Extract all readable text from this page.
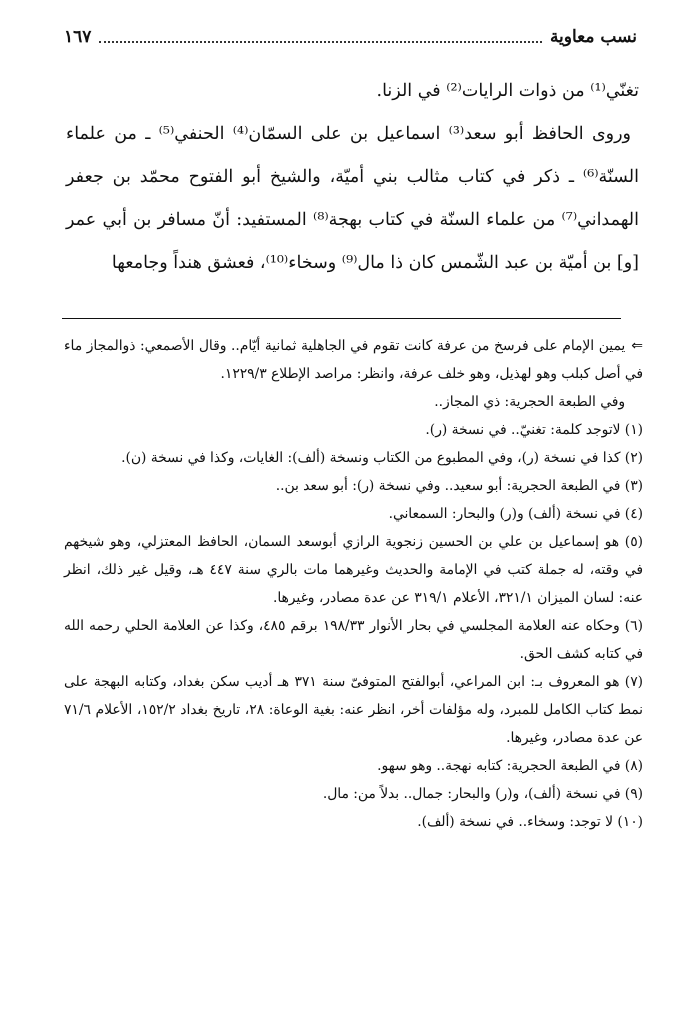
نسب معاوية
١٦٧

تغنّي⁽¹⁾ من ذوات الرايات⁽²⁾ في الزنا.

وروى الحافظ أبو سعد⁽³⁾ اسماعيل بن على السمّان⁽⁴⁾ الحنفي⁽⁵⁾ ـ من علماء السنّة⁽⁶⁾ ـ ذكر في كتاب مثالب بني أميّة، والشيخ أبو الفتوح محمّد بن جعفر الهمداني⁽⁷⁾ من علماء السنّة في كتاب بهجة⁽⁸⁾ المستفيد: أنّ مسافر بن أبي عمر [و] بن أميّة بن عبد الشّمس كان ذا مال⁽⁹⁾ وسخاء⁽¹⁰⁾، فعشق هنداً وجامعها

⇐يمين الإمام على فرسخ من عرفة كانت تقوم في الجاهلية ثمانية أيّام.. وقال الأصمعي: ذوالمجاز ماء في أصل كبلب وهو لهذيل، وهو خلف عرفة، وانظر: مراصد الإطلاع ١٢٢٩/٣.

وفي الطبعة الحجرية: ذي المجاز..

(١) لاتوجد كلمة: تغنيّ.. في نسخة (ر).

(٢) كذا في نسخة (ر)، وفي المطبوع من الكتاب ونسخة (ألف): الغايات، وكذا في نسخة (ن).

(٣) في الطبعة الحجرية: أبو سعيد.. وفي نسخة (ر): أبو سعد بن..

(٤) في نسخة (ألف) و(ر) والبحار: السمعاني.

(٥) هو إسماعيل بن علي بن الحسين زنجوية الرازي أبوسعد السمان، الحافظ المعتزلي، وهو شيخهم في وقته، له جملة كتب في الإمامة والحديث وغيرهما مات بالري سنة ٤٤٧ هـ، وقيل غير ذلك، انظر عنه: لسان الميزان ٣٢١/١، الأعلام ٣١٩/١ عن عدة مصادر، وغيرها.

(٦) وحكاه عنه العلامة المجلسي في بحار الأنوار ١٩٨/٣٣ برقم ٤٨٥، وكذا عن العلامة الحلي رحمه الله في كتابه كشف الحق.

(٧) هو المعروف بـ: ابن المراعي، أبوالفتح المتوفىّ سنة ٣٧١ هـ أديب سكن بغداد، وكتابه البهجة على نمط كتاب الكامل للمبرد، وله مؤلفات أخر، انظر عنه: بغية الوعاة: ٢٨، تاريخ بغداد ١٥٢/٢، الأعلام ٧١/٦ عن عدة مصادر، وغيرها.

(٨) في الطبعة الحجرية: كتابه نهجة.. وهو سهو.

(٩) في نسخة (ألف)، و(ر) والبحار: جمال.. بدلاً من: مال.

(١٠) لا توجد: وسخاء.. في نسخة (ألف).
